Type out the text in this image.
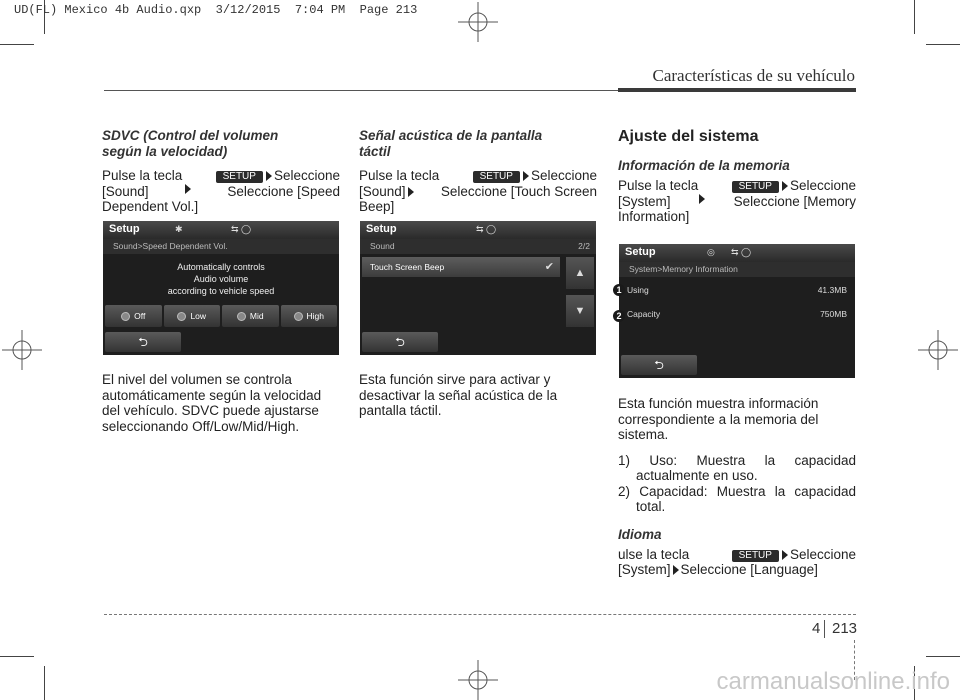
UD(FL) Mexico 4b Audio.qxp  3/12/2015  7:04 PM  Page 213
Características de su vehículo
SDVC (Control del volumen
según la velocidad)
Pulse la tecla	SETUP Seleccione
[Sound]	Seleccione [Speed
Dependent Vol.]
Setup	✱	⇆ ◯
Sound>Speed Dependent Vol.
Automatically controls
Audio volume
according to vehicle speed
Off	Low	Mid	High
⮌
El nivel del volumen se controla
automáticamente según la velocidad
del vehículo. SDVC puede ajustarse
seleccionando Off/Low/Mid/High.
Señal acústica de la pantalla
táctil
Pulse la tecla	SETUP Seleccione
[Sound]	Seleccione [Touch Screen
Beep]
Setup	⇆ ◯
Sound	2/2
Touch Screen Beep	✔	▲
▼
⮌
Esta función sirve para activar y
desactivar la señal acústica de la
pantalla táctil.
Ajuste del sistema
Información de la memoria
Pulse la tecla	SETUP Seleccione
[System]	Seleccione [Memory
Information]
Setup	◎ ⇆ ◯
System>Memory Information
Using	41.3MB
Capacity	750MB
⮌
1
2
Esta función muestra información
correspondiente a la memoria del
sistema.
1) Uso: Muestra la capacidad actualmente en uso.
2) Capacidad: Muestra la capacidad total.
Idioma
ulse la tecla	SETUP Seleccione
[System] Seleccione [Language]
4 213
carmanualsonline.info
